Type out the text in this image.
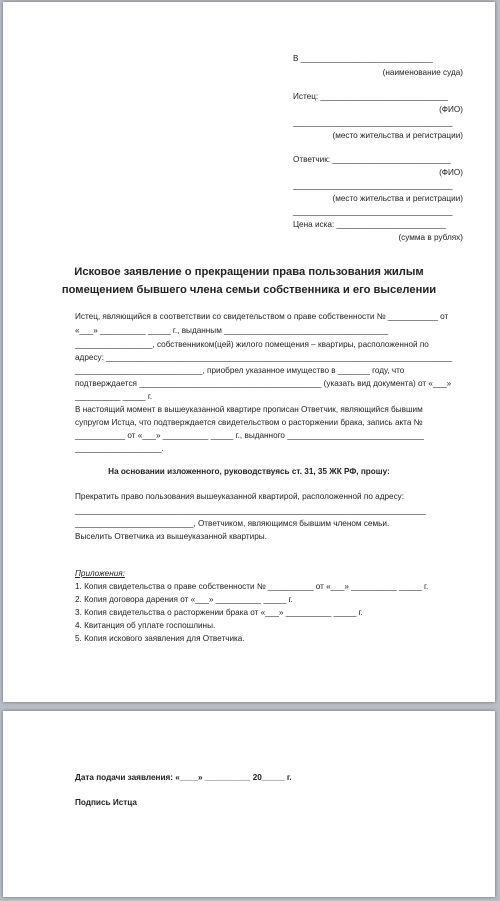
В _____________________________
(наименование суда)
Истец: ____________________________
(ФИО)
___________________________________
(место жительства и регистрации)
Ответчик: __________________________
(ФИО)
___________________________________
(место жительства и регистрации)
___________________________________
Цена иска: ________________________
(сумма в рублях)
Исковое заявление о прекращении права пользования жилым
помещением бывшего члена семьи собственника и его выселении
Истец, являющийся в соответствии со свидетельством о праве собственности № ___________ от
«___» __________ _____ г., выданным ____________________________________
_________________, собственником(цей) жилого помещения – квартиры, расположенной по
адресу: ____________________________________________________________________________
____________________________, приобрел указанное имущество в _______ году, что
подтверждается ________________________________________ (указать вид документа) от «___»
__________ _____ г.
В настоящий момент в вышеуказанной квартире прописан Ответчик, являющийся бывшим
супругом Истца, что подтверждается свидетельством о расторжении брака, запись акта №
___________ от «___» __________ _____ г., выданного ______________________________
___________________.
На основании изложенного, руководствуясь ст. 31, 35 ЖК РФ, прошу:
Прекратить право пользования вышеуказанной квартирой, расположенной по адресу:
_____________________________________________________________________________
__________________________, Ответчиком, являющимся бывшим членом семьи.
Выселить Ответчика из вышеуказанной квартиры.
Приложения:
1. Копия свидетельства о праве собственности № __________ от «___» __________ _____ г.
2. Копия договора дарения от «___» __________ _____ г.
3. Копия свидетельства о расторжении брака от «___» __________ _____ г.
4. Квитанция об уплате госпошлины.
5. Копия искового заявления для Ответчика.
Дата подачи заявления: «____» __________ 20_____ г.
Подпись Истца
